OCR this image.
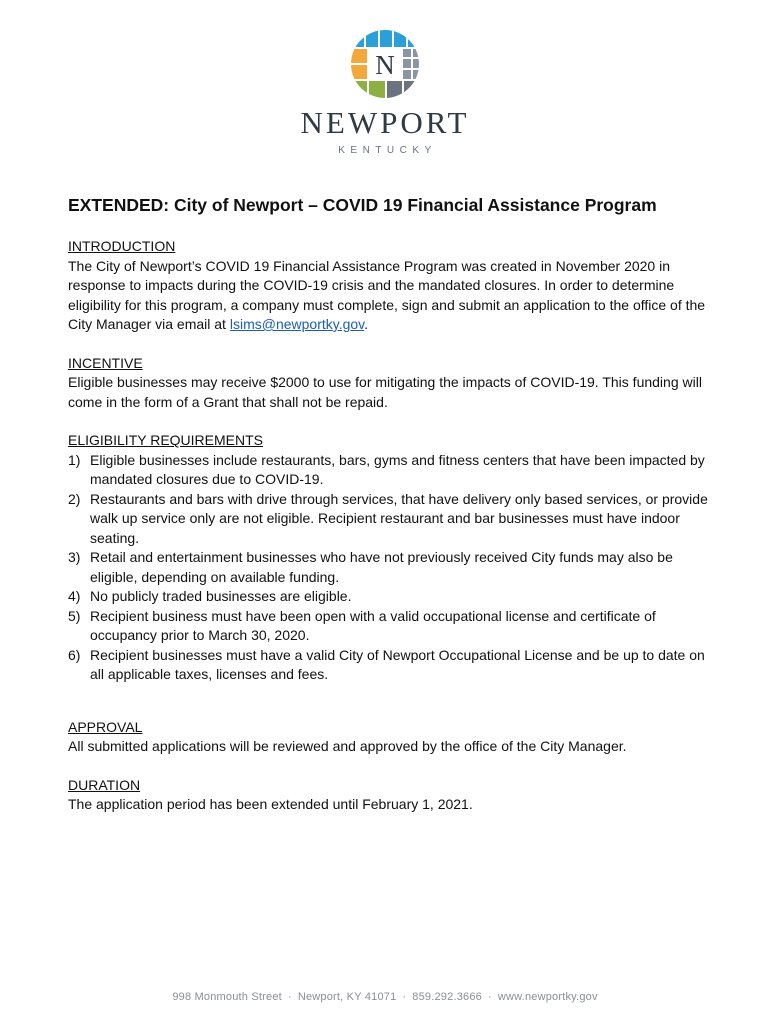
N
NEWPORT
KENTUCKY
EXTENDED: City of Newport – COVID 19 Financial Assistance Program
INTRODUCTION

The City of Newport’s COVID 19 Financial Assistance Program was created in November 2020 in response to impacts during the COVID-19 crisis and the mandated closures. In order to determine eligibility for this program, a company must complete, sign and submit an application to the office of the City Manager via email at lsims@newportky.gov.

INCENTIVE

Eligible businesses may receive $2000 to use for mitigating the impacts of COVID-19. This funding will come in the form of a Grant that shall not be repaid.

ELIGIBILITY REQUIREMENTS
1) Eligible businesses include restaurants, bars, gyms and fitness centers that have been impacted by mandated closures due to COVID-19.
2) Restaurants and bars with drive through services, that have delivery only based services, or provide walk up service only are not eligible. Recipient restaurant and bar businesses must have indoor seating.
3) Retail and entertainment businesses who have not previously received City funds may also be eligible, depending on available funding.
4) No publicly traded businesses are eligible.
5) Recipient business must have been open with a valid occupational license and certificate of occupancy prior to March 30, 2020.
6) Recipient businesses must have a valid City of Newport Occupational License and be up to date on all applicable taxes, licenses and fees.
APPROVAL

All submitted applications will be reviewed and approved by the office of the City Manager.

DURATION

The application period has been extended until February 1, 2021.

998 Monmouth Street · Newport, KY 41071 · 859.292.3666 · www.newportky.gov
